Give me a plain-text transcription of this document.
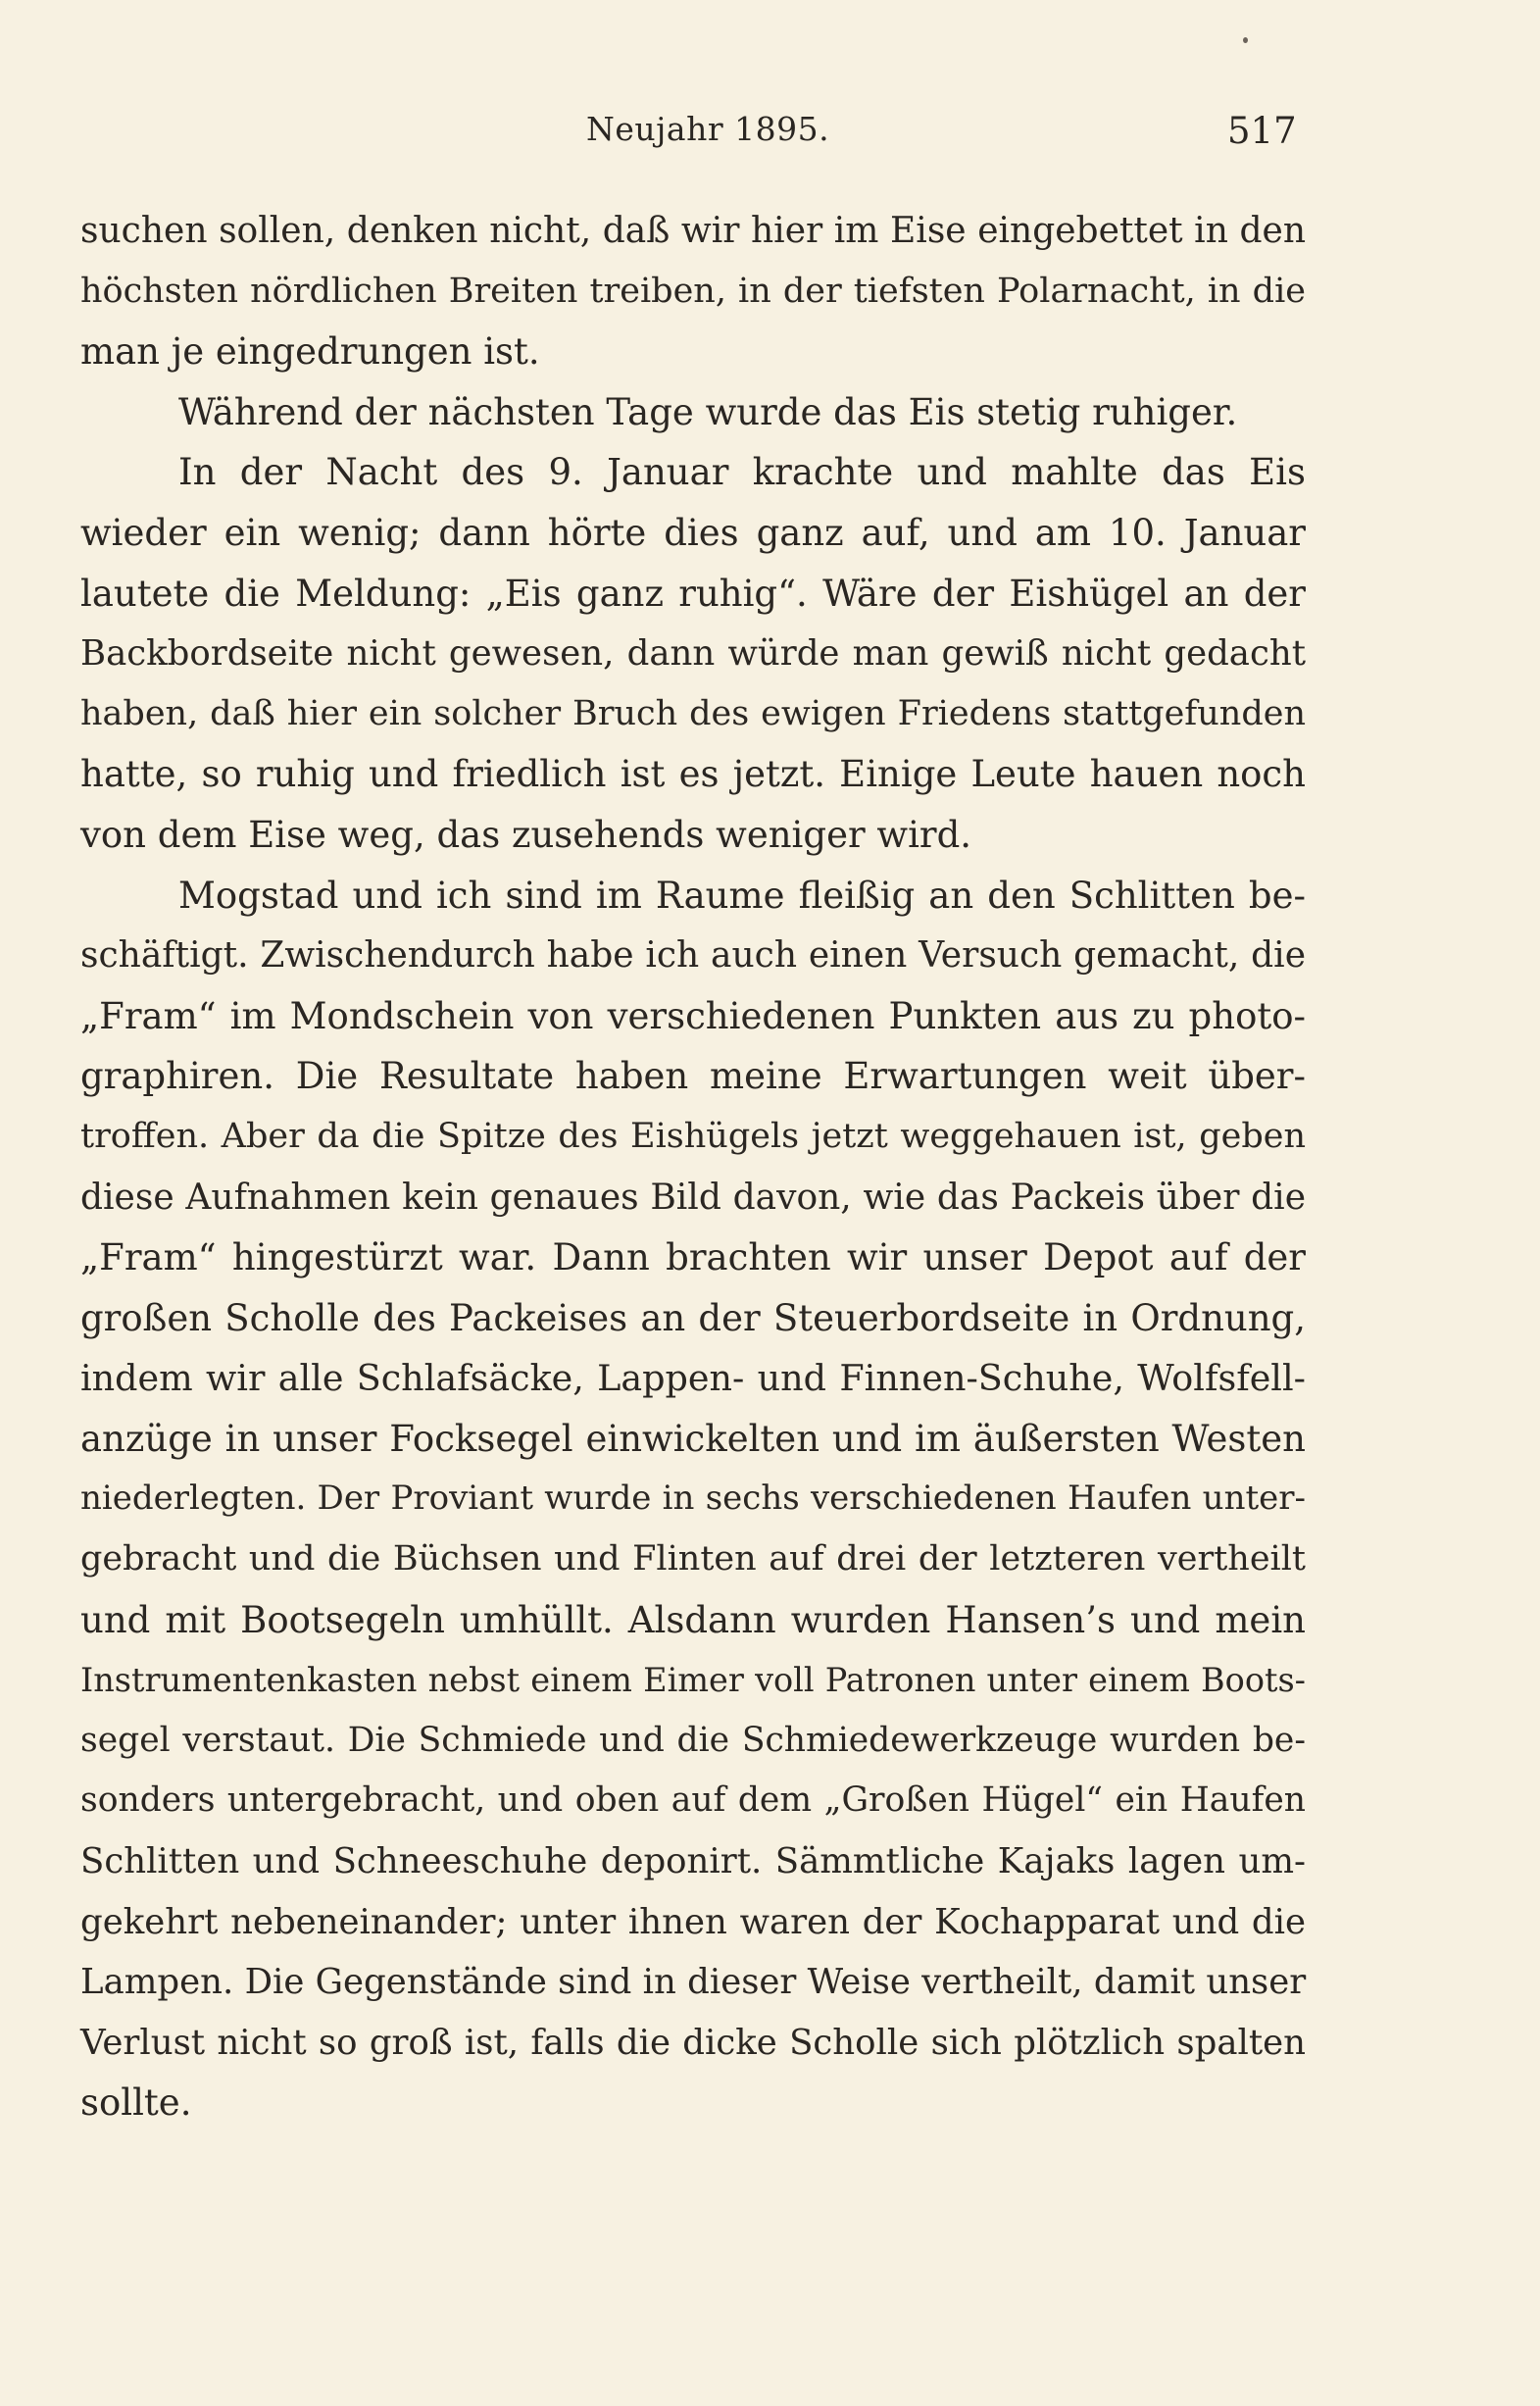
Neujahr 1895.	517
suchen sollen, denken nicht, daß wir hier im Eise eingebettet in den
höchsten nördlichen Breiten treiben, in der tiefsten Polarnacht, in die
man je eingedrungen ist.
Während der nächsten Tage wurde das Eis stetig ruhiger.
In der Nacht des 9. Januar krachte und mahlte das Eis
wieder ein wenig; dann hörte dies ganz auf, und am 10. Januar
lautete die Meldung: „Eis ganz ruhig“. Wäre der Eishügel an der
Backbordseite nicht gewesen, dann würde man gewiß nicht gedacht
haben, daß hier ein solcher Bruch des ewigen Friedens stattgefunden
hatte, so ruhig und friedlich ist es jetzt. Einige Leute hauen noch
von dem Eise weg, das zusehends weniger wird.
Mogstad und ich sind im Raume fleißig an den Schlitten be-
schäftigt. Zwischendurch habe ich auch einen Versuch gemacht, die
„Fram“ im Mondschein von verschiedenen Punkten aus zu photo-
graphiren. Die Resultate haben meine Erwartungen weit über-
troffen. Aber da die Spitze des Eishügels jetzt weggehauen ist, geben
diese Aufnahmen kein genaues Bild davon, wie das Packeis über die
„Fram“ hingestürzt war. Dann brachten wir unser Depot auf der
großen Scholle des Packeises an der Steuerbordseite in Ordnung,
indem wir alle Schlafsäcke, Lappen- und Finnen-Schuhe, Wolfsfell-
anzüge in unser Focksegel einwickelten und im äußersten Westen
niederlegten. Der Proviant wurde in sechs verschiedenen Haufen unter-
gebracht und die Büchsen und Flinten auf drei der letzteren vertheilt
und mit Bootsegeln umhüllt. Alsdann wurden Hansen’s und mein
Instrumentenkasten nebst einem Eimer voll Patronen unter einem Boots-
segel verstaut. Die Schmiede und die Schmiedewerkzeuge wurden be-
sonders untergebracht, und oben auf dem „Großen Hügel“ ein Haufen
Schlitten und Schneeschuhe deponirt. Sämmtliche Kajaks lagen um-
gekehrt nebeneinander; unter ihnen waren der Kochapparat und die
Lampen. Die Gegenstände sind in dieser Weise vertheilt, damit unser
Verlust nicht so groß ist, falls die dicke Scholle sich plötzlich spalten
sollte.
